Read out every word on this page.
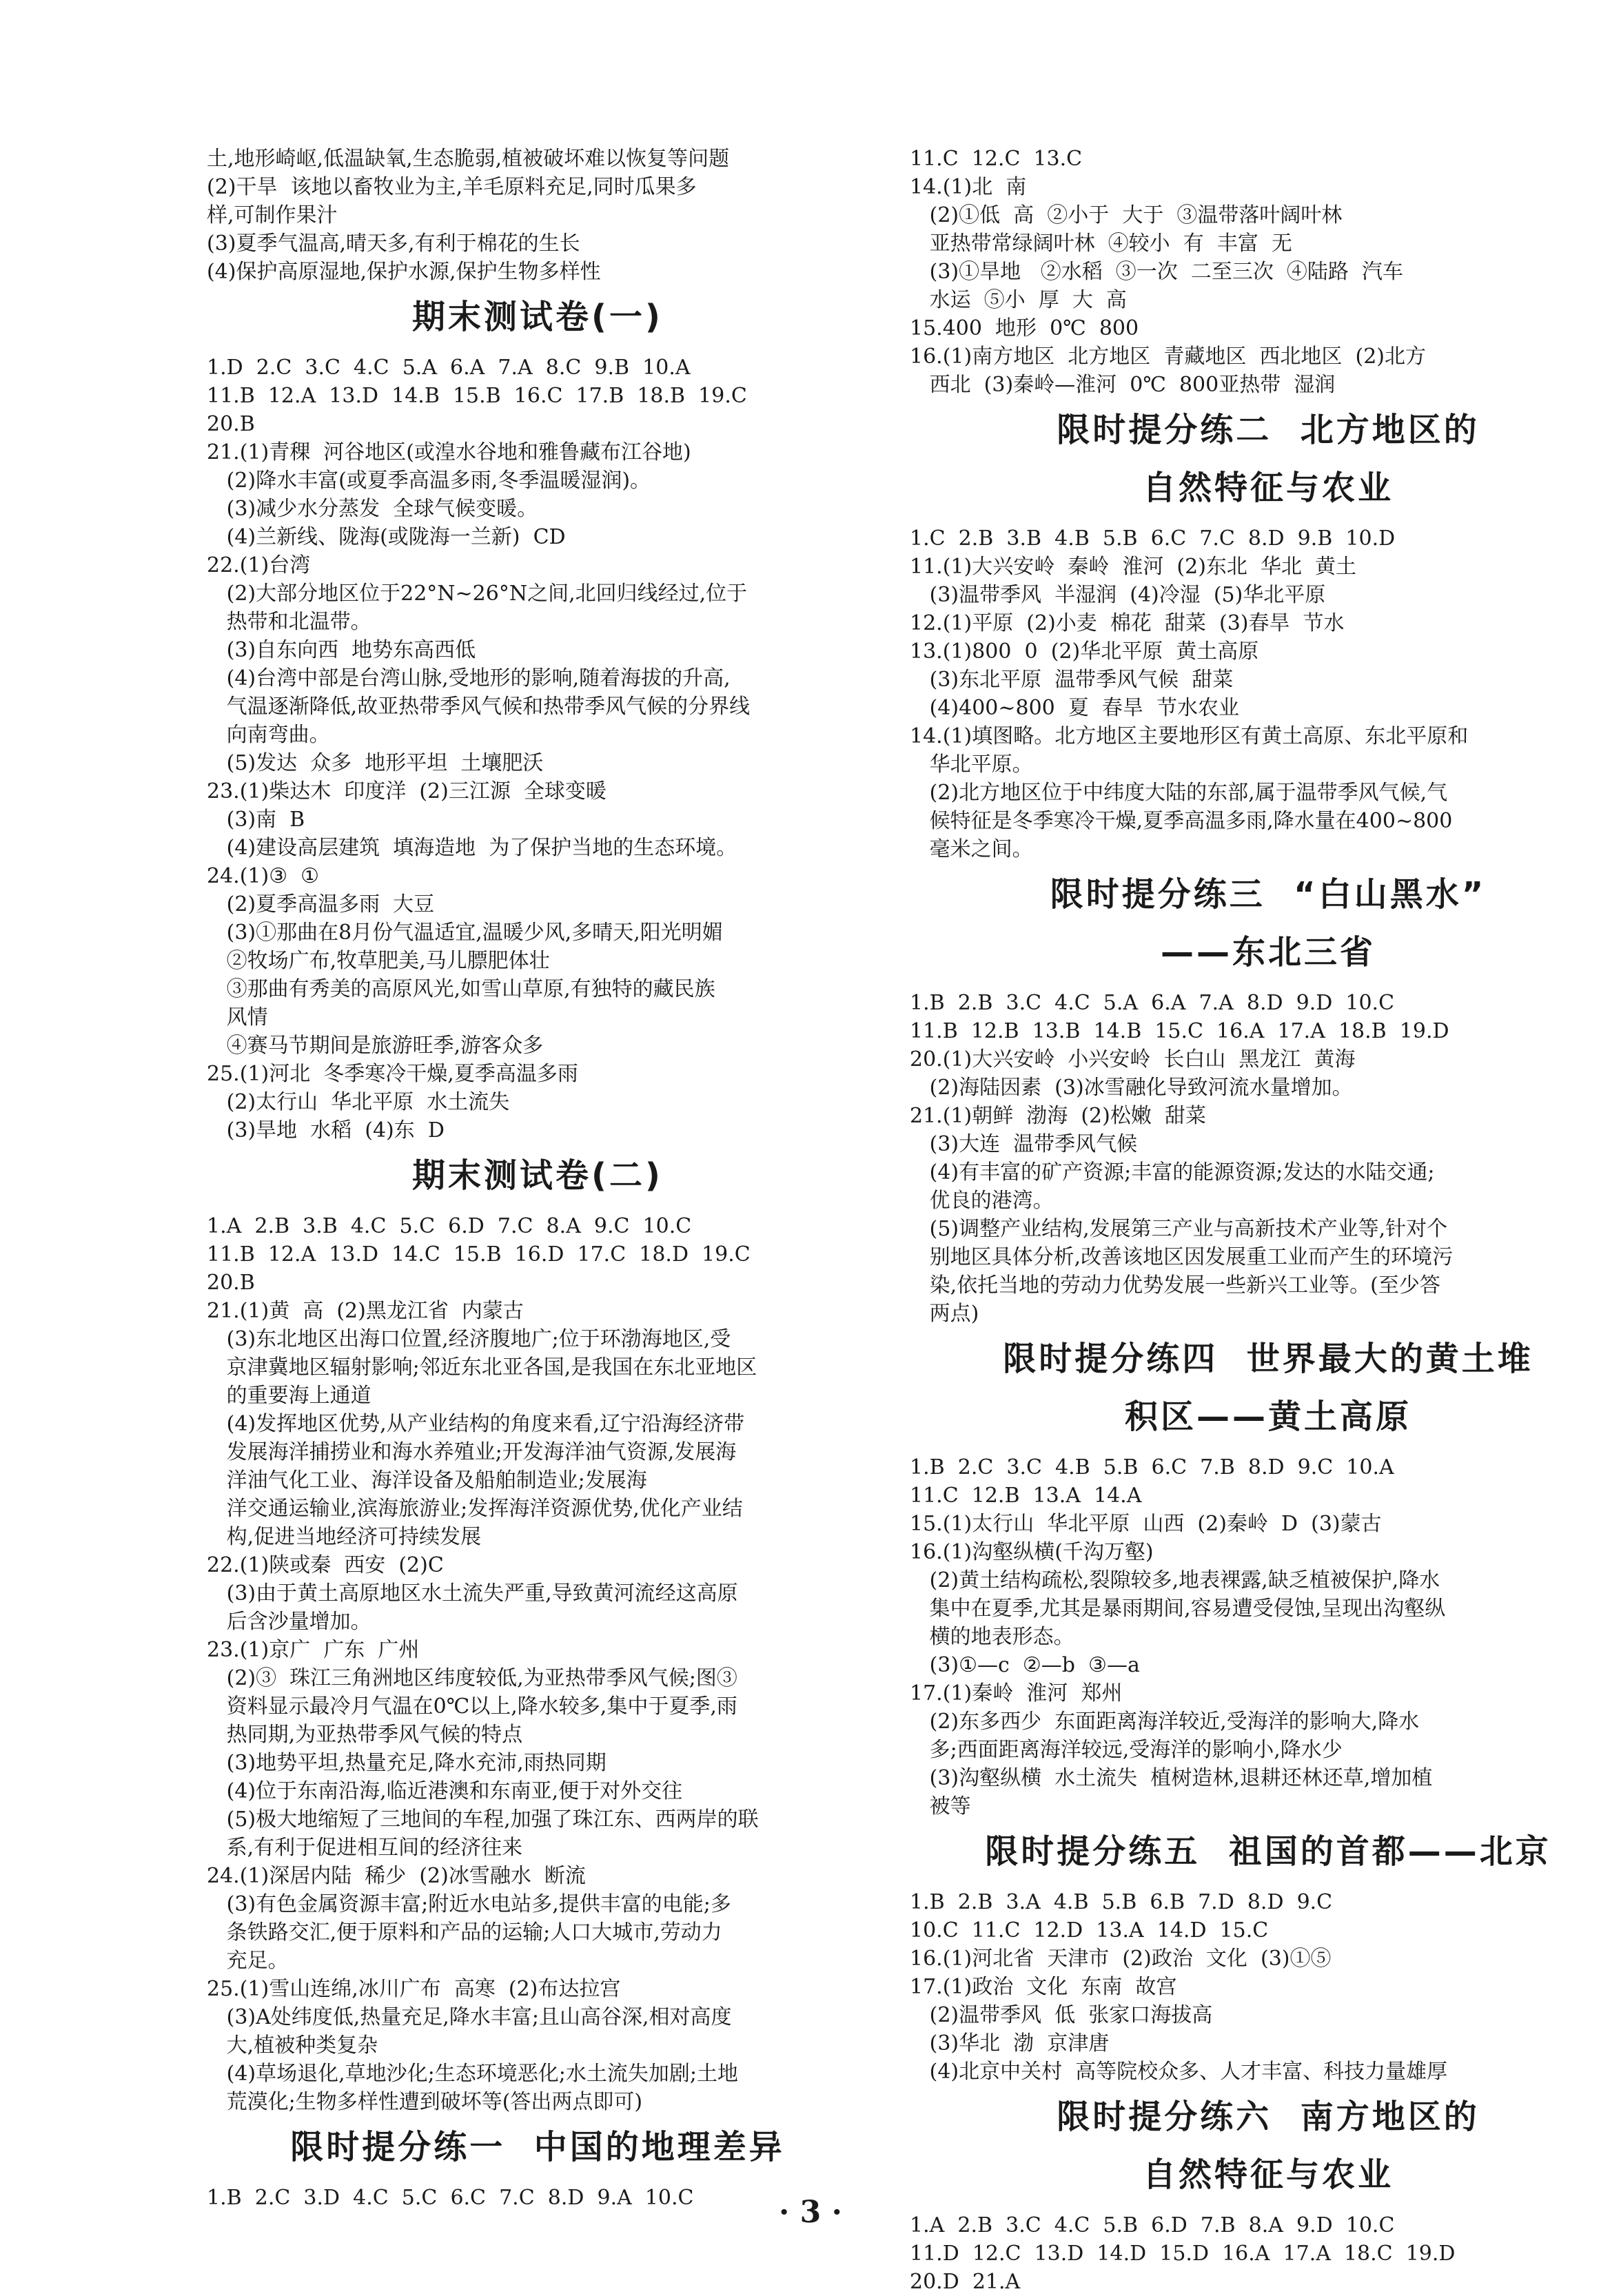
土,地形崎岖,低温缺氧,生态脆弱,植被破坏难以恢复等问题
(2)干旱  该地以畜牧业为主,羊毛原料充足,同时瓜果多
样,可制作果汁
(3)夏季气温高,晴天多,有利于棉花的生长
(4)保护高原湿地,保护水源,保护生物多样性
期末测试卷(一)
1.D  2.C  3.C  4.C  5.A  6.A  7.A  8.C  9.B  10.A
11.B  12.A  13.D  14.B  15.B  16.C  17.B  18.B  19.C
20.B
21.(1)青稞  河谷地区(或湟水谷地和雅鲁藏布江谷地)
(2)降水丰富(或夏季高温多雨,冬季温暖湿润)。
(3)减少水分蒸发  全球气候变暖。
(4)兰新线、陇海(或陇海一兰新)  CD
22.(1)台湾
(2)大部分地区位于22°N~26°N之间,北回归线经过,位于
热带和北温带。
(3)自东向西  地势东高西低
(4)台湾中部是台湾山脉,受地形的影响,随着海拔的升高,
气温逐渐降低,故亚热带季风气候和热带季风气候的分界线
向南弯曲。
(5)发达  众多  地形平坦  土壤肥沃
23.(1)柴达木  印度洋  (2)三江源  全球变暖
(3)南  B
(4)建设高层建筑  填海造地  为了保护当地的生态环境。
24.(1)③  ①
(2)夏季高温多雨  大豆
(3)①那曲在8月份气温适宜,温暖少风,多晴天,阳光明媚
②牧场广布,牧草肥美,马儿膘肥体壮
③那曲有秀美的高原风光,如雪山草原,有独特的藏民族
风情
④赛马节期间是旅游旺季,游客众多
25.(1)河北  冬季寒冷干燥,夏季高温多雨
(2)太行山  华北平原  水土流失
(3)旱地  水稻  (4)东  D
期末测试卷(二)
1.A  2.B  3.B  4.C  5.C  6.D  7.C  8.A  9.C  10.C
11.B  12.A  13.D  14.C  15.B  16.D  17.C  18.D  19.C
20.B
21.(1)黄  高  (2)黑龙江省  内蒙古
(3)东北地区出海口位置,经济腹地广;位于环渤海地区,受
京津冀地区辐射影响;邻近东北亚各国,是我国在东北亚地区
的重要海上通道
(4)发挥地区优势,从产业结构的角度来看,辽宁沿海经济带
发展海洋捕捞业和海水养殖业;开发海洋油气资源,发展海
洋油气化工业、海洋设备及船舶制造业;发展海
洋交通运输业,滨海旅游业;发挥海洋资源优势,优化产业结
构,促进当地经济可持续发展
22.(1)陕或秦  西安  (2)C
(3)由于黄土高原地区水土流失严重,导致黄河流经这高原
后含沙量增加。
23.(1)京广  广东  广州
(2)③  珠江三角洲地区纬度较低,为亚热带季风气候;图③
资料显示最冷月气温在0℃以上,降水较多,集中于夏季,雨
热同期,为亚热带季风气候的特点
(3)地势平坦,热量充足,降水充沛,雨热同期
(4)位于东南沿海,临近港澳和东南亚,便于对外交往
(5)极大地缩短了三地间的车程,加强了珠江东、西两岸的联
系,有利于促进相互间的经济往来
24.(1)深居内陆  稀少  (2)冰雪融水  断流
(3)有色金属资源丰富;附近水电站多,提供丰富的电能;多
条铁路交汇,便于原料和产品的运输;人口大城市,劳动力
充足。
25.(1)雪山连绵,冰川广布  高寒  (2)布达拉宫
(3)A处纬度低,热量充足,降水丰富;且山高谷深,相对高度
大,植被种类复杂
(4)草场退化,草地沙化;生态环境恶化;水土流失加剧;土地
荒漠化;生物多样性遭到破坏等(答出两点即可)
限时提分练一  中国的地理差异
1.B  2.C  3.D  4.C  5.C  6.C  7.C  8.D  9.A  10.C
11.C  12.C  13.C
14.(1)北  南
(2)①低  高  ②小于  大于  ③温带落叶阔叶林
亚热带常绿阔叶林  ④较小  有  丰富  无
(3)①旱地   ②水稻  ③一次  二至三次  ④陆路  汽车
水运  ⑤小  厚  大  高
15.400  地形  0℃  800
16.(1)南方地区  北方地区  青藏地区  西北地区  (2)北方
西北  (3)秦岭—淮河  0℃  800亚热带  湿润
限时提分练二  北方地区的
自然特征与农业
1.C  2.B  3.B  4.B  5.B  6.C  7.C  8.D  9.B  10.D
11.(1)大兴安岭  秦岭  淮河  (2)东北  华北  黄土
(3)温带季风  半湿润  (4)冷湿  (5)华北平原
12.(1)平原  (2)小麦  棉花  甜菜  (3)春旱  节水
13.(1)800  0  (2)华北平原  黄土高原
(3)东北平原  温带季风气候  甜菜
(4)400~800  夏  春旱  节水农业
14.(1)填图略。北方地区主要地形区有黄土高原、东北平原和
华北平原。
(2)北方地区位于中纬度大陆的东部,属于温带季风气候,气
候特征是冬季寒冷干燥,夏季高温多雨,降水量在400~800
毫米之间。
限时提分练三  “白山黑水”
——东北三省
1.B  2.B  3.C  4.C  5.A  6.A  7.A  8.D  9.D  10.C
11.B  12.B  13.B  14.B  15.C  16.A  17.A  18.B  19.D
20.(1)大兴安岭  小兴安岭  长白山  黑龙江  黄海
(2)海陆因素  (3)冰雪融化导致河流水量增加。
21.(1)朝鲜  渤海  (2)松嫩  甜菜
(3)大连  温带季风气候
(4)有丰富的矿产资源;丰富的能源资源;发达的水陆交通;
优良的港湾。
(5)调整产业结构,发展第三产业与高新技术产业等,针对个
别地区具体分析,改善该地区因发展重工业而产生的环境污
染,依托当地的劳动力优势发展一些新兴工业等。(至少答
两点)
限时提分练四  世界最大的黄土堆
积区——黄土高原
1.B  2.C  3.C  4.B  5.B  6.C  7.B  8.D  9.C  10.A
11.C  12.B  13.A  14.A
15.(1)太行山  华北平原  山西  (2)秦岭  D  (3)蒙古
16.(1)沟壑纵横(千沟万壑)
(2)黄土结构疏松,裂隙较多,地表裸露,缺乏植被保护,降水
集中在夏季,尤其是暴雨期间,容易遭受侵蚀,呈现出沟壑纵
横的地表形态。
(3)①—c  ②—b  ③—a
17.(1)秦岭  淮河  郑州
(2)东多西少  东面距离海洋较近,受海洋的影响大,降水
多;西面距离海洋较远,受海洋的影响小,降水少
(3)沟壑纵横  水土流失  植树造林,退耕还林还草,增加植
被等
限时提分练五  祖国的首都——北京
1.B  2.B  3.A  4.B  5.B  6.B  7.D  8.D  9.C
10.C  11.C  12.D  13.A  14.D  15.C
16.(1)河北省  天津市  (2)政治  文化  (3)①⑤
17.(1)政治  文化  东南  故宫
(2)温带季风  低  张家口海拔高
(3)华北  渤  京津唐
(4)北京中关村  高等院校众多、人才丰富、科技力量雄厚
限时提分练六  南方地区的
自然特征与农业
1.A  2.B  3.C  4.C  5.B  6.D  7.B  8.A  9.D  10.C
11.D  12.C  13.D  14.D  15.D  16.A  17.A  18.C  19.D
20.D  21.A
· 3 ·
